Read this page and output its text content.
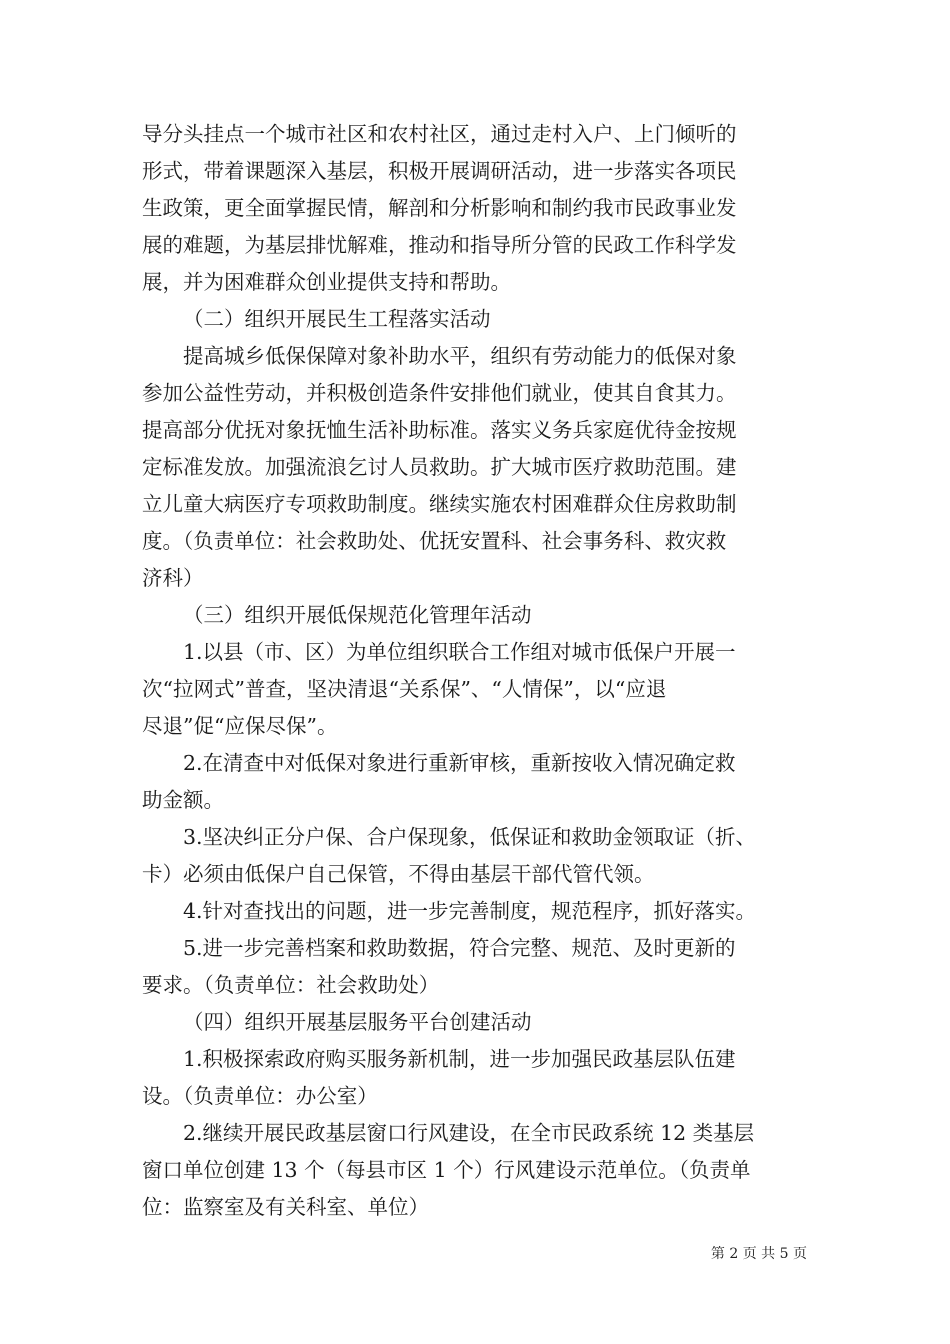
导分头挂点一个城市社区和农村社区，通过走村入户、上门倾听的
形式，带着课题深入基层，积极开展调研活动，进一步落实各项民
生政策，更全面掌握民情，解剖和分析影响和制约我市民政事业发
展的难题，为基层排忧解难，推动和指导所分管的民政工作科学发
展，并为困难群众创业提供支持和帮助。
（二）组织开展民生工程落实活动
提高城乡低保保障对象补助水平，组织有劳动能力的低保对象
参加公益性劳动，并积极创造条件安排他们就业，使其自食其力。
提高部分优抚对象抚恤生活补助标准。落实义务兵家庭优待金按规
定标准发放。加强流浪乞讨人员救助。扩大城市医疗救助范围。建
立儿童大病医疗专项救助制度。继续实施农村困难群众住房救助制
度。（负责单位：社会救助处、优抚安置科、社会事务科、救灾救
济科）
（三）组织开展低保规范化管理年活动
1.以县（市、区）为单位组织联合工作组对城市低保户开展一
次“拉网式”普查，坚决清退“关系保”、“人情保”，以“应退
尽退”促“应保尽保”。
2.在清查中对低保对象进行重新审核，重新按收入情况确定救
助金额。
3.坚决纠正分户保、合户保现象，低保证和救助金领取证（折、
卡）必须由低保户自己保管，不得由基层干部代管代领。
4.针对查找出的问题，进一步完善制度，规范程序，抓好落实。
5.进一步完善档案和救助数据，符合完整、规范、及时更新的
要求。（负责单位：社会救助处）
（四）组织开展基层服务平台创建活动
1.积极探索政府购买服务新机制，进一步加强民政基层队伍建
设。（负责单位：办公室）
2.继续开展民政基层窗口行风建设，在全市民政系统 12 类基层
窗口单位创建 13 个（每县市区 1 个）行风建设示范单位。（负责单
位：监察室及有关科室、单位）
第 2 页 共 5 页
